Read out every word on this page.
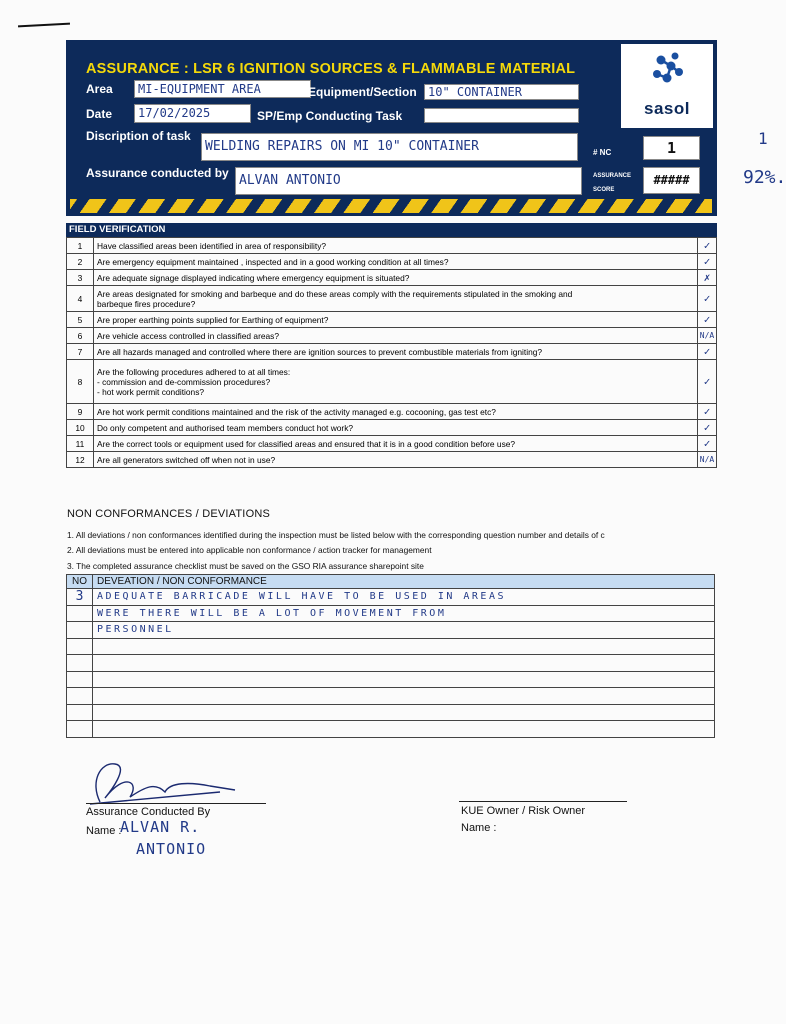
ASSURANCE : LSR 6 IGNITION SOURCES & FLAMMABLE MATERIAL
Area	MI-EQUIPMENT AREA	Equipment/Section 10" CONTAINER
Date	17/02/2025	SP/Emp Conducting Task
Discription of task
WELDING REPAIRS ON MI 10" CONTAINER	# NC	1
Assurance conducted by ALVAN ANTONIO	ASSURANCE
SCORE
#####
sasol
1
92%.
FIELD VERIFICATION
1	Have classified areas been identified in area of responsibility?	✓
2	Are emergency equipment maintained , inspected and in a good working condition at all times?	✓
3	Are adequate signage displayed indicating where emergency equipment is situated?	✗
4	Are areas designated for smoking and barbeque and do these areas comply with the requirements stipulated in the smoking and
barbeque fires procedure?	✓
5	Are proper earthing points supplied for Earthing of equipment?	✓
6	Are vehicle access controlled in classified areas?	N/A
7	Are all hazards managed and controlled where there are ignition sources to prevent combustible materials from igniting?	✓
8	Are the following procedures adhered to at all times:
- commission and de-commission procedures?
- hot work permit conditions?	✓
9	Are hot work permit conditions maintained and the risk of the activity managed e.g. cocooning, gas test etc?	✓
10	Do only competent and authorised team members conduct hot work?	✓
11	Are the correct tools or equipment used for classified areas and ensured that it is in a good condition before use?	✓
12	Are all generators switched off when not in use?	N/A
NON CONFORMANCES / DEVIATIONS
1. All deviations / non conformances identified during the inspection must be listed below with the corresponding question number and details of c
2. All deviations must be entered into applicable non conformance / action tracker for management
3. The completed assurance checklist must be saved on the GSO RIA assurance sharepoint site
NO	DEVEATION / NON CONFORMANCE
3	ADEQUATE BARRICADE WILL HAVE TO BE USED IN AREAS
	WERE THERE WILL BE A LOT OF MOVEMENT FROM
	PERSONNEL

Assurance Conducted By
Name :
ALVAN R.
ANTONIO
KUE Owner / Risk Owner
Name :
